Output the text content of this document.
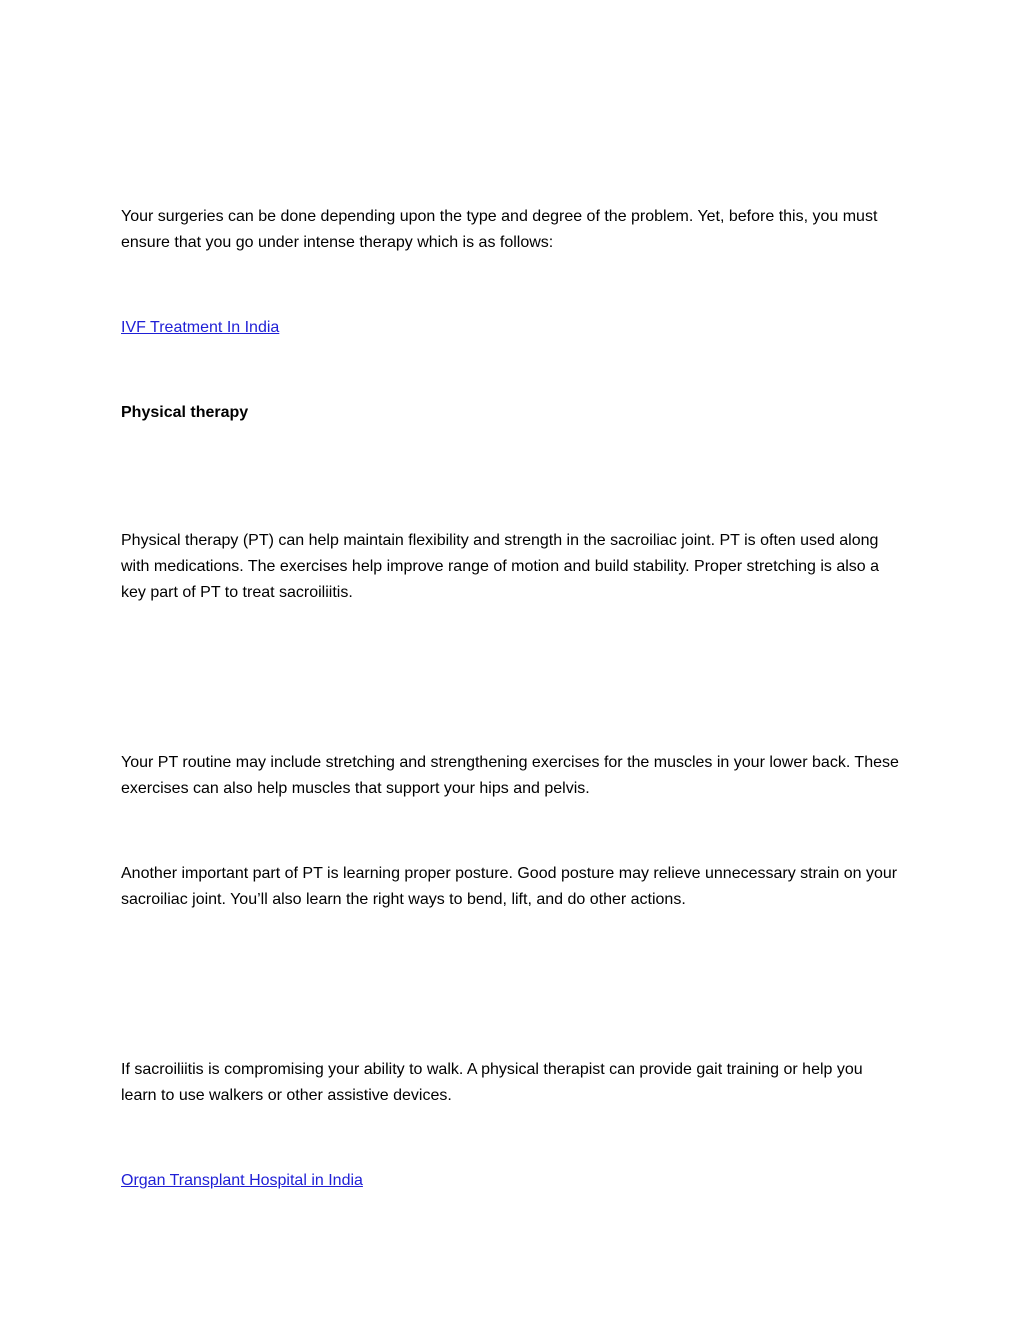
Your surgeries can be done depending upon the type and degree of the problem. Yet, before this, you must ensure that you go under intense therapy which is as follows:

IVF Treatment In India

Physical therapy

Physical therapy (PT) can help maintain flexibility and strength in the sacroiliac joint. PT is often used along with medications. The exercises help improve range of motion and build stability. Proper stretching is also a key part of PT to treat sacroiliitis.

Your PT routine may include stretching and strengthening exercises for the muscles in your lower back. These exercises can also help muscles that support your hips and pelvis.

Another important part of PT is learning proper posture. Good posture may relieve unnecessary strain on your sacroiliac joint. You’ll also learn the right ways to bend, lift, and do other actions.

If sacroiliitis is compromising your ability to walk. A physical therapist can provide gait training or help you learn to use walkers or other assistive devices.

Organ Transplant Hospital in India
